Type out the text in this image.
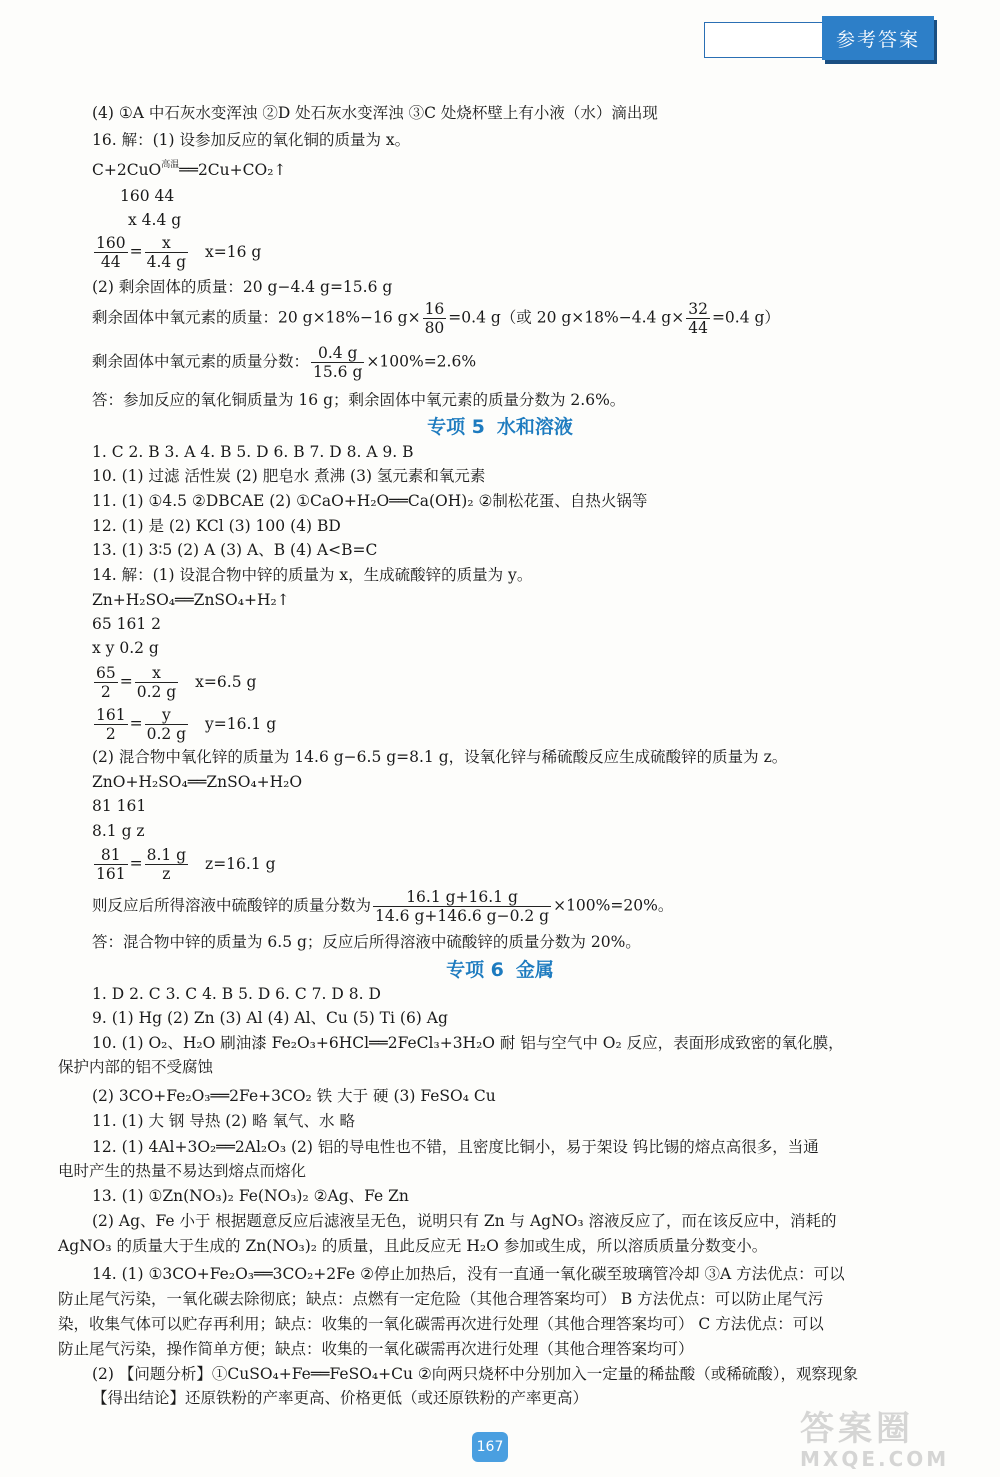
参考答案
(4) ①A 中石灰水变浑浊 ②D 处石灰水变浑浊 ③C 处烧杯壁上有小液（水）滴出现
16. 解：(1) 设参加反应的氧化铜的质量为 x。
C+2CuO$^{高温}$══2Cu+CO₂↑
160 44
x 4.4 g
$\frac{160}{44} = \frac{x}{4.4 g} x=16$ g
(2) 剩余固体的质量：20 g−4.4 g=15.6 g
剩余固体中氧元素的质量：20 g×18%−16 $g\times \frac{16}{80} =0.4$ g（或 20 g×18%−4.4 $g\times \frac{32}{44} =0.4$ g）
剩余固体中氧元素的质量分数： $\frac{0.4 g}{15.6 g} \times 100\%=2.6\%$
答：参加反应的氧化铜质量为 16 g；剩余固体中氧元素的质量分数为 2.6%。
专项 5 水和溶液
1. C 2. B 3. A 4. B 5. D 6. B 7. D 8. A 9. B
10. (1) 过滤 活性炭 (2) 肥皂水 煮沸 (3) 氢元素和氧元素
11. (1) ①4.5 ②DBCAE (2) ①CaO+H₂O══Ca(OH)₂ ②制松花蛋、自热火锅等
12. (1) 是 (2) KCl (3) 100 (4) BD
13. (1) 3∶5 (2) A (3) A、B (4) A<B=C
14. 解：(1) 设混合物中锌的质量为 x，生成硫酸锌的质量为 y。
Zn+H₂SO₄══ZnSO₄+H₂↑
65 161 2
x y 0.2 g
$\frac{65}{2} = \frac{x}{0.2 g} x=6.5$ g
$\frac{161}{2} = \frac{y}{0.2 g} y=16.1$ g
(2) 混合物中氧化锌的质量为 14.6 g−6.5 g=8.1 g，设氧化锌与稀硫酸反应生成硫酸锌的质量为 z。
ZnO+H₂SO₄══ZnSO₄+H₂O
81 161
8.1 g z
$\frac{81}{161} = \frac{8.1 g}{z} z=16.1$ g
则反应后所得溶液中硫酸锌的质量分数为 $\frac{16.1 g+16.1 g}{14.6 g+146.6 g-0.2 g} \times 100\%=20\%$。
答：混合物中锌的质量为 6.5 g；反应后所得溶液中硫酸锌的质量分数为 20%。
专项 6 金属
1. D 2. C 3. C 4. B 5. D 6. C 7. D 8. D
9. (1) Hg (2) Zn (3) Al (4) Al、Cu (5) Ti (6) Ag
10. (1) O₂、H₂O 刷油漆 Fe₂O₃+6HCl══2FeCl₃+3H₂O 耐 铝与空气中 O₂ 反应，表面形成致密的氧化膜，
保护内部的铝不受腐蚀
(2) 3CO+Fe₂O₃══2Fe+3CO₂ 铁 大于 硬 (3) FeSO₄ Cu
11. (1) 大 钢 导热 (2) 略 氧气、水 略
12. (1) 4Al+3O₂══2Al₂O₃ (2) 铝的导电性也不错，且密度比铜小，易于架设 钨比锡的熔点高很多，当通
电时产生的热量不易达到熔点而熔化
13. (1) ①Zn(NO₃)₂ Fe(NO₃)₂ ②Ag、Fe Zn
(2) Ag、Fe 小于 根据题意反应后滤液呈无色，说明只有 Zn 与 AgNO₃ 溶液反应了，而在该反应中，消耗的
AgNO₃ 的质量大于生成的 Zn(NO₃)₂ 的质量，且此反应无 H₂O 参加或生成，所以溶质质量分数变小。
14. (1) ①3CO+Fe₂O₃══3CO₂+2Fe ②停止加热后，没有一直通一氧化碳至玻璃管冷却 ③A 方法优点：可以
防止尾气污染，一氧化碳去除彻底；缺点：点燃有一定危险（其他合理答案均可） B 方法优点：可以防止尾气污
染，收集气体可以贮存再利用；缺点：收集的一氧化碳需再次进行处理（其他合理答案均可） C 方法优点：可以
防止尾气污染，操作简单方便；缺点：收集的一氧化碳需再次进行处理（其他合理答案均可）
(2) 【问题分析】①CuSO₄+Fe══FeSO₄+Cu ②向两只烧杯中分别加入一定量的稀盐酸（或稀硫酸），观察现象
【得出结论】还原铁粉的产率更高、价格更低（或还原铁粉的产率更高）
167	答案圈
MXQE.COM
